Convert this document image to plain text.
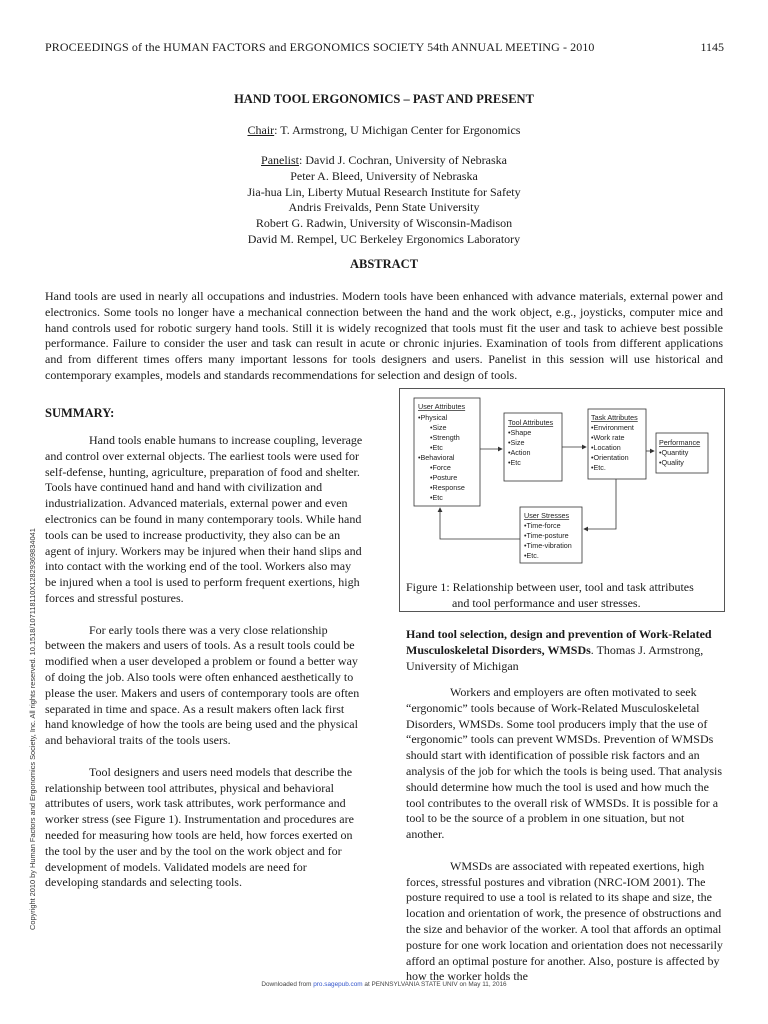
PROCEEDINGS of the HUMAN FACTORS and ERGONOMICS SOCIETY 54th ANNUAL MEETING - 2010	1145
HAND TOOL ERGONOMICS – PAST AND PRESENT
Chair: T. Armstrong, U Michigan Center for Ergonomics
Panelist: David J. Cochran, University of Nebraska
Peter A. Bleed, University of Nebraska
Jia-hua Lin, Liberty Mutual Research Institute for Safety
Andris Freivalds, Penn State University
Robert G. Radwin, University of Wisconsin-Madison
David M. Rempel, UC Berkeley Ergonomics Laboratory
ABSTRACT
Hand tools are used in nearly all occupations and industries. Modern tools have been enhanced with advance materials, external power and electronics. Some tools no longer have a mechanical connection between the hand and the work object, e.g., joysticks, computer mice and hand controls used for robotic surgery hand tools. Still it is widely recognized that tools must fit the user and task to achieve best possible performance. Failure to consider the user and task can result in acute or chronic injuries. Examination of tools from different applications and from different times offers many important lessons for tools designers and users. Panelist in this session will use historical and contemporary examples, models and standards recommendations for selection and design of tools.
SUMMARY:

Hand tools enable humans to increase coupling, leverage and control over external objects. The earliest tools were used for self-defense, hunting, agriculture, preparation of food and shelter. Tools have continued hand and hand with civilization and industrialization. Advanced materials, external power and even electronics can be found in many contemporary tools. While hand tools can be used to increase productivity, they also can be an agent of injury. Workers may be injured when their hand slips and into contact with the working end of the tool. Workers also may be injured when a tool is used to perform frequent exertions, high forces and stressful postures.

For early tools there was a very close relationship between the makers and users of tools. As a result tools could be modified when a user developed a problem or found a better way of doing the job. Also tools were often enhanced aesthetically to please the user. Makers and users of contemporary tools are often separated in time and space. As a result makers often lack first hand knowledge of how the tools are being used and the physical and behavioral traits of the tools users.

Tool designers and users need models that describe the relationship between tool attributes, physical and behavioral attributes of users, work task attributes, work performance and worker stress (see Figure 1). Instrumentation and procedures are needed for measuring how tools are held, how forces exerted on the tool by the user and by the tool on the work object and for development of models. Validated models are need for developing standards and selecting tools.

User Attributes
•Physical
•Size
•Strength
•Etc
•Behavioral
•Force
•Posture
•Response
•Etc
Tool Attributes
•Shape
•Size
•Action
•Etc
Task Attributes
•Environment
•Work rate
•Location
•Orientation
•Etc.
Performance
•Quantity
•Quality
User Stresses
•Time-force
•Time-posture
•Time-vibration
•Etc.
Figure 1: Relationship between user, tool and task attributes
and tool performance and user stresses.
Hand tool selection, design and prevention of Work-Related Musculoskeletal Disorders, WMSDs. Thomas J. Armstrong, University of Michigan

Workers and employers are often motivated to seek “ergonomic” tools because of Work-Related Musculoskeletal Disorders, WMSDs. Some tool producers imply that the use of “ergonomic” tools can prevent WMSDs. Prevention of WMSDs should start with identification of possible risk factors and an analysis of the job for which the tools is being used. That analysis should determine how much the tool is used and how much the tool contributes to the overall risk of WMSDs. It is possible for a tool to be the source of a problem in one situation, but not another.

WMSDs are associated with repeated exertions, high forces, stressful postures and vibration (NRC-IOM 2001). The posture required to use a tool is related to its shape and size, the location and orientation of work, the presence of obstructions and the size and behavior of the worker. A tool that affords an optimal posture for one work location and orientation does not necessarily afford an optimal posture for another. Also, posture is affected by how the worker holds the

Copyright 2010 by Human Factors and Ergonomics Society, Inc. All rights reserved. 10.1518/107118110X12829369834041
Downloaded from pro.sagepub.com at PENNSYLVANIA STATE UNIV on May 11, 2016
